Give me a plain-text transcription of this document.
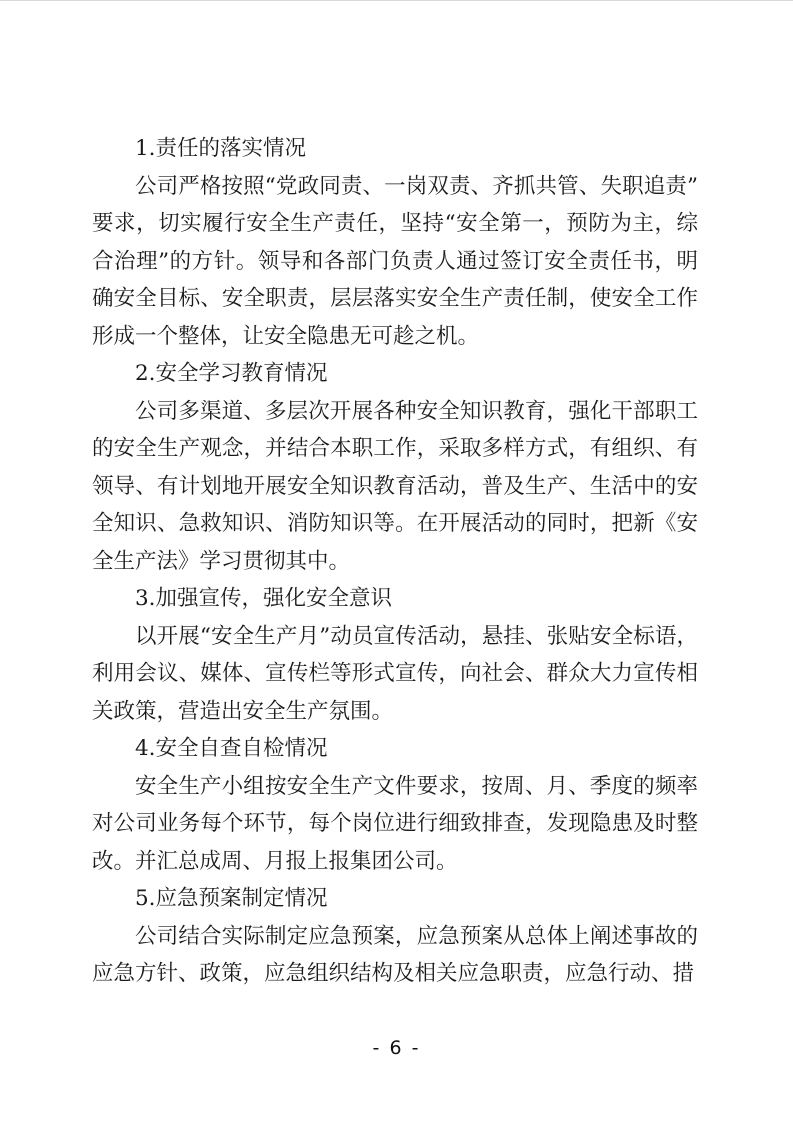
1.责任的落实情况

公司严格按照“党政同责、一岗双责、齐抓共管、失职追责”要求，切实履行安全生产责任，坚持“安全第一，预防为主，综合治理”的方针。领导和各部门负责人通过签订安全责任书，明确安全目标、安全职责，层层落实安全生产责任制，使安全工作形成一个整体，让安全隐患无可趁之机。

2.安全学习教育情况

公司多渠道、多层次开展各种安全知识教育，强化干部职工的安全生产观念，并结合本职工作，采取多样方式，有组织、有领导、有计划地开展安全知识教育活动，普及生产、生活中的安全知识、急救知识、消防知识等。在开展活动的同时，把新《安全生产法》学习贯彻其中。

3.加强宣传，强化安全意识

以开展“安全生产月”动员宣传活动，悬挂、张贴安全标语，利用会议、媒体、宣传栏等形式宣传，向社会、群众大力宣传相关政策，营造出安全生产氛围。

4.安全自查自检情况

安全生产小组按安全生产文件要求，按周、月、季度的频率对公司业务每个环节，每个岗位进行细致排查，发现隐患及时整改。并汇总成周、月报上报集团公司。

5.应急预案制定情况

公司结合实际制定应急预案，应急预案从总体上阐述事故的应急方针、政策，应急组织结构及相关应急职责，应急行动、措

- 6 -
